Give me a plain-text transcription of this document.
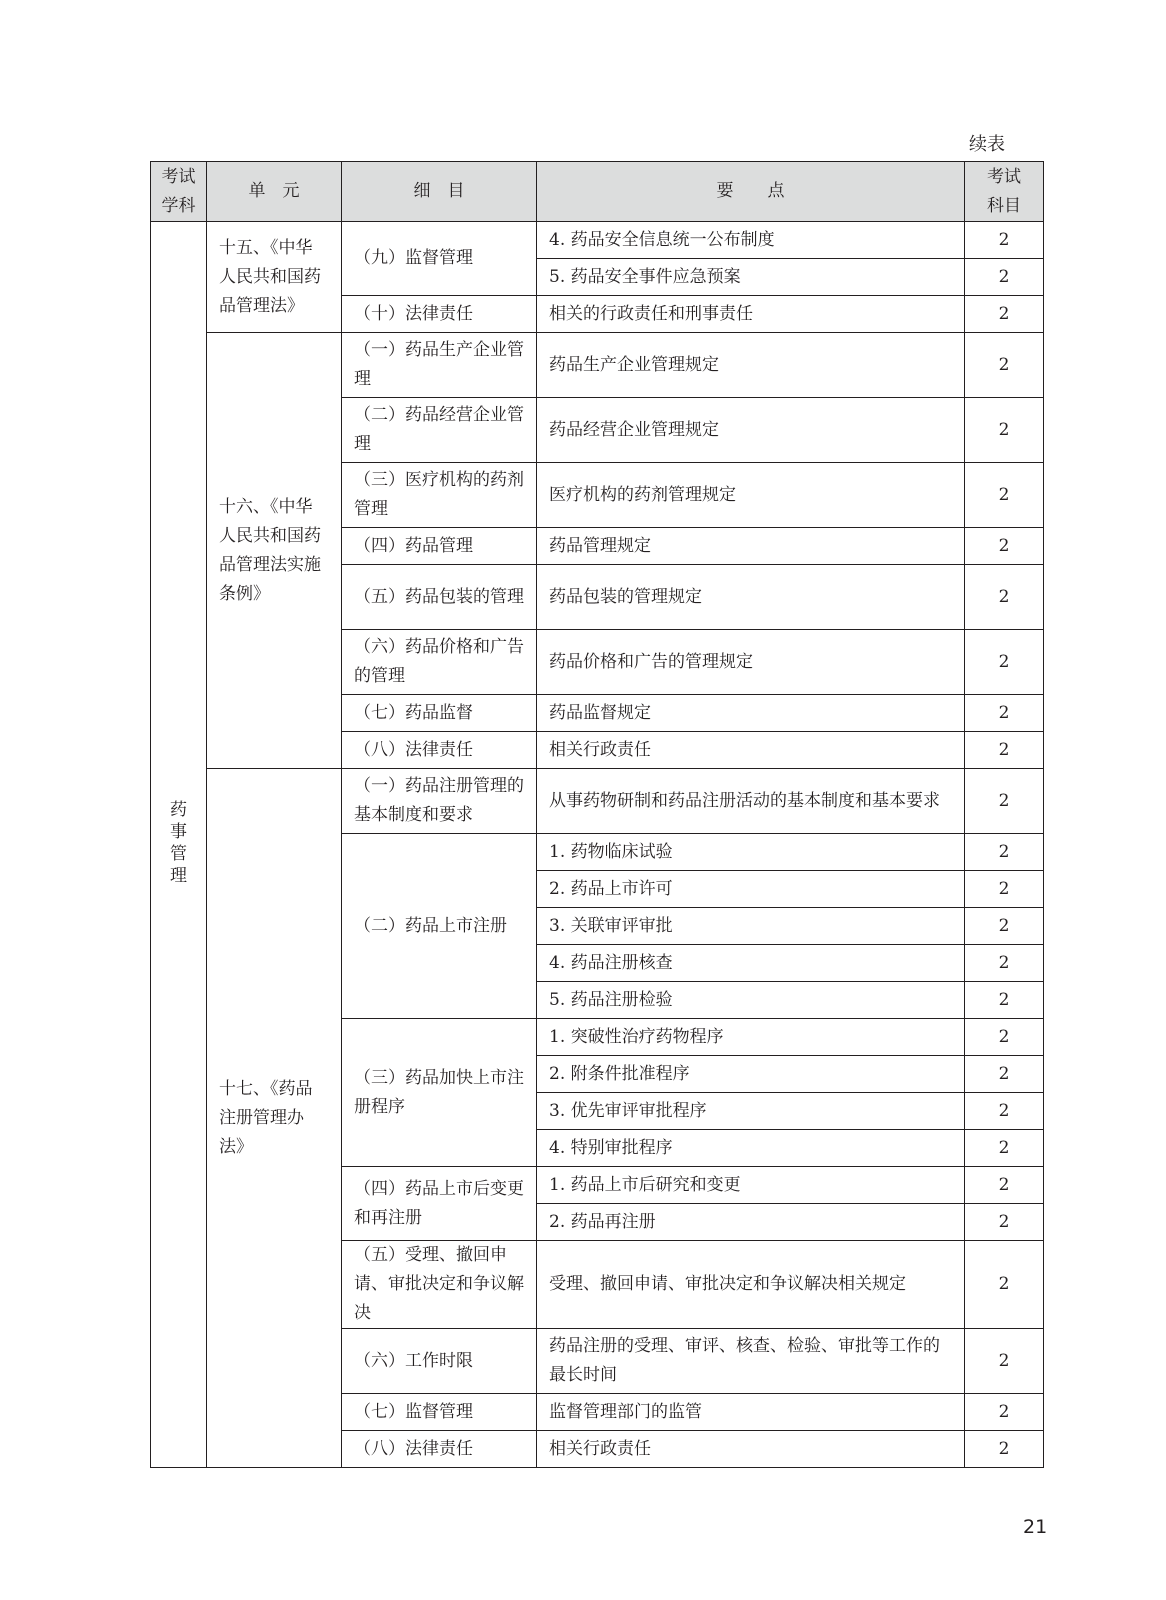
续表
考试学科	单　元	细　目	要　　点	考试科目
药事管理	十五、《中华人民共和国药品管理法》	（九）监督管理	4. 药品安全信息统一公布制度	2
			5. 药品安全事件应急预案	2
		（十）法律责任	相关的行政责任和刑事责任	2
	十六、《中华人民共和国药品管理法实施条例》	（一）药品生产企业管理	药品生产企业管理规定	2
		（二）药品经营企业管理	药品经营企业管理规定	2
		（三）医疗机构的药剂管理	医疗机构的药剂管理规定	2
		（四）药品管理	药品管理规定	2
		（五）药品包装的管理	药品包装的管理规定	2
		（六）药品价格和广告的管理	药品价格和广告的管理规定	2
		（七）药品监督	药品监督规定	2
		（八）法律责任	相关行政责任	2
	十七、《药品注册管理办法》	（一）药品注册管理的基本制度和要求	从事药物研制和药品注册活动的基本制度和基本要求	2
		（二）药品上市注册	1. 药物临床试验	2
			2. 药品上市许可	2
			3. 关联审评审批	2
			4. 药品注册核查	2
			5. 药品注册检验	2
		（三）药品加快上市注册程序	1. 突破性治疗药物程序	2
			2. 附条件批准程序	2
			3. 优先审评审批程序	2
			4. 特别审批程序	2
		（四）药品上市后变更和再注册	1. 药品上市后研究和变更	2
			2. 药品再注册	2
		（五）受理、撤回申请、审批决定和争议解决	受理、撤回申请、审批决定和争议解决相关规定	2
		（六）工作时限	药品注册的受理、审评、核查、检验、审批等工作的最长时间	2
		（七）监督管理	监督管理部门的监管	2
		（八）法律责任	相关行政责任	2
21
